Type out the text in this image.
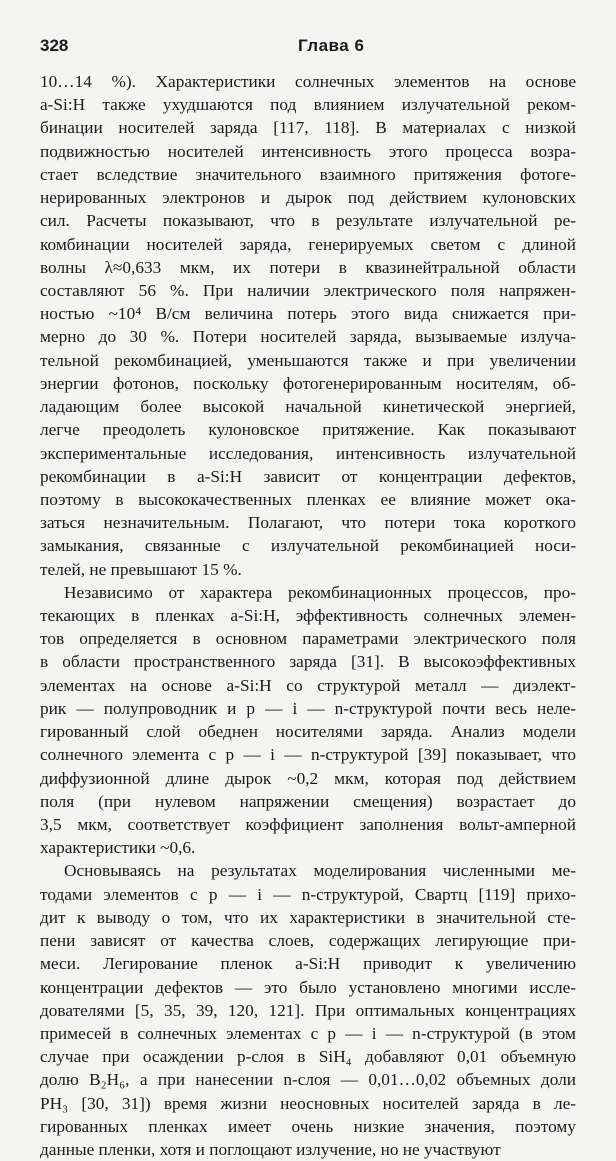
328	Глава 6
10…14 %). Характеристики солнечных элементов на основе
a-Si:H также ухудшаются под влиянием излучательной реком-
бинации носителей заряда [117, 118]. В материалах с низкой
подвижностью носителей интенсивность этого процесса возра-
стает вследствие значительного взаимного притяжения фотоге-
нерированных электронов и дырок под действием кулоновских
сил. Расчеты показывают, что в результате излучательной ре-
комбинации носителей заряда, генерируемых светом с длиной
волны λ≈0,633 мкм, их потери в квазинейтральной области
составляют 56 %. При наличии электрического поля напряжен-
ностью ~10⁴ В/см величина потерь этого вида снижается при-
мерно до 30 %. Потери носителей заряда, вызываемые излуча-
тельной рекомбинацией, уменьшаются также и при увеличении
энергии фотонов, поскольку фотогенерированным носителям, об-
ладающим более высокой начальной кинетической энергией,
легче преодолеть кулоновское притяжение. Как показывают
экспериментальные исследования, интенсивность излучательной
рекомбинации в a-Si:H зависит от концентрации дефектов,
поэтому в высококачественных пленках ее влияние может ока-
заться незначительным. Полагают, что потери тока короткого
замыкания, связанные с излучательной рекомбинацией носи-
телей, не превышают 15 %.
Независимо от характера рекомбинационных процессов, про-
текающих в пленках a-Si:H, эффективность солнечных элемен-
тов определяется в основном параметрами электрического поля
в области пространственного заряда [31]. В высокоэффективных
элементах на основе a-Si:H со структурой металл — диэлект-
рик — полупроводник и p — i — n-структурой почти весь нелe-
гированный слой обеднен носителями заряда. Анализ модели
солнечного элемента с p — i — n-структурой [39] показывает, что
диффузионной длине дырок ~0,2 мкм, которая под действием
поля (при нулевом напряжении смещения) возрастает до
3,5 мкм, соответствует коэффициент заполнения вольт-амперной
характеристики ~0,6.
Основываясь на результатах моделирования численными ме-
тодами элементов с p — i — n-структурой, Свартц [119] прихо-
дит к выводу о том, что их характеристики в значительной сте-
пени зависят от качества слоев, содержащих легирующие при-
меси. Легирование пленок a-Si:H приводит к увеличению
концентрации дефектов — это было установлено многими иссле-
дователями [5, 35, 39, 120, 121]. При оптимальных концентрациях
примесей в солнечных элементах с p — i — n-структурой (в этом
случае при осаждении p-слоя в SiH₄ добавляют 0,01 объемную
долю B₂H₆, а при нанесении n-слоя — 0,01…0,02 объемных доли
PH₃ [30, 31]) время жизни неосновных носителей заряда в ле-
гированных пленках имеет очень низкие значения, поэтому
данные пленки, хотя и поглощают излучение, но не участвуют
